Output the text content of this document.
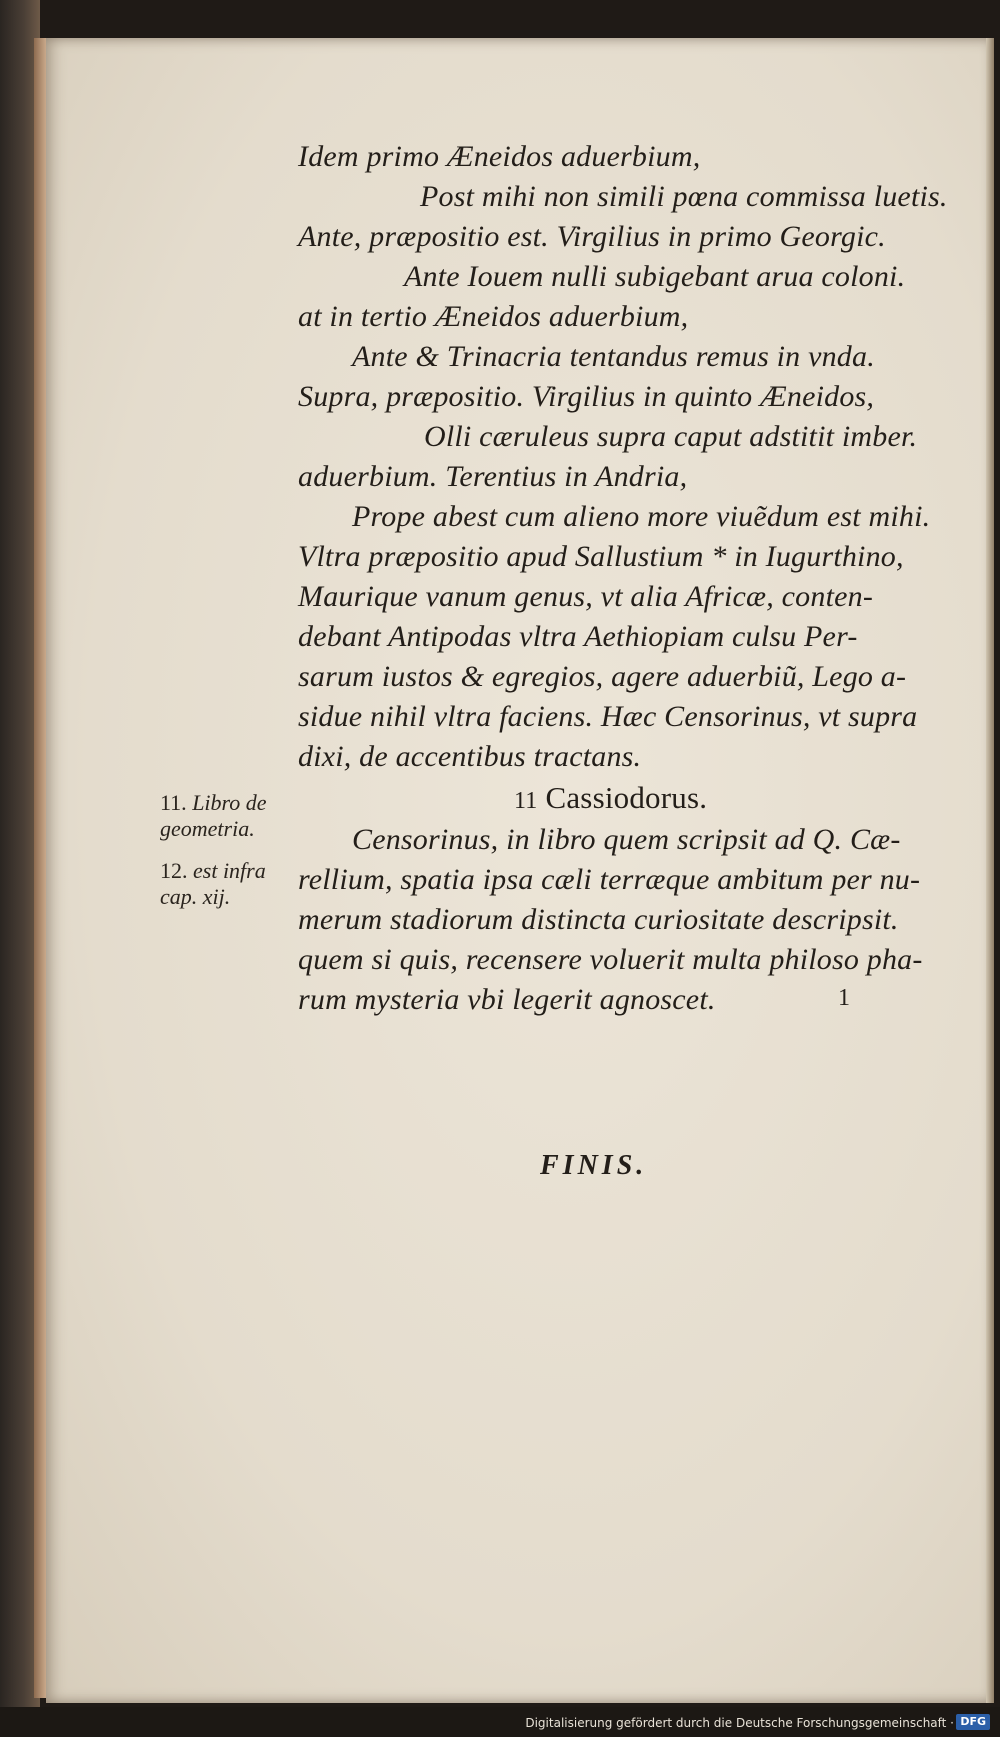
Idem primo Æneidos aduerbium,
Post mihi non simili pœna commissa luetis.
Ante, præpositio est. Virgilius in primo Georgic.
Ante Iouem nulli subigebant arua coloni.
at in tertio Æneidos aduerbium,
Ante & Trinacria tentandus remus in vnda.
Supra, præpositio. Virgilius in quinto Æneidos,
Olli cæruleus supra caput adstitit imber.
aduerbium. Terentius in Andria,
Prope abest cum alieno more viuẽdum est mihi.
Vltra præpositio apud Sallustium * in Iugurthino,
Maurique vanum genus, vt alia Africæ, conten-
debant Antipodas vltra Aethiopiam culsu Per-
sarum iustos & egregios, agere aduerbiũ, Lego a-
sidue nihil vltra faciens. Hæc Censorinus, vt supra
dixi, de accentibus tractans.
11 Cassiodorus.
Censorinus, in libro quem scripsit ad Q. Cæ-
rellium, spatia ipsa cæli terræque ambitum per nu-
merum stadiorum distincta curiositate descripsit.
quem si quis, recensere voluerit multa philoso pha-
rum mysteria vbi legerit agnoscet.	1
11. Libro de
geometria.
12. est infra
cap. xij.
FINIS.
Digitalisierung gefördert durch die Deutsche Forschungsgemeinschaft · DFG
